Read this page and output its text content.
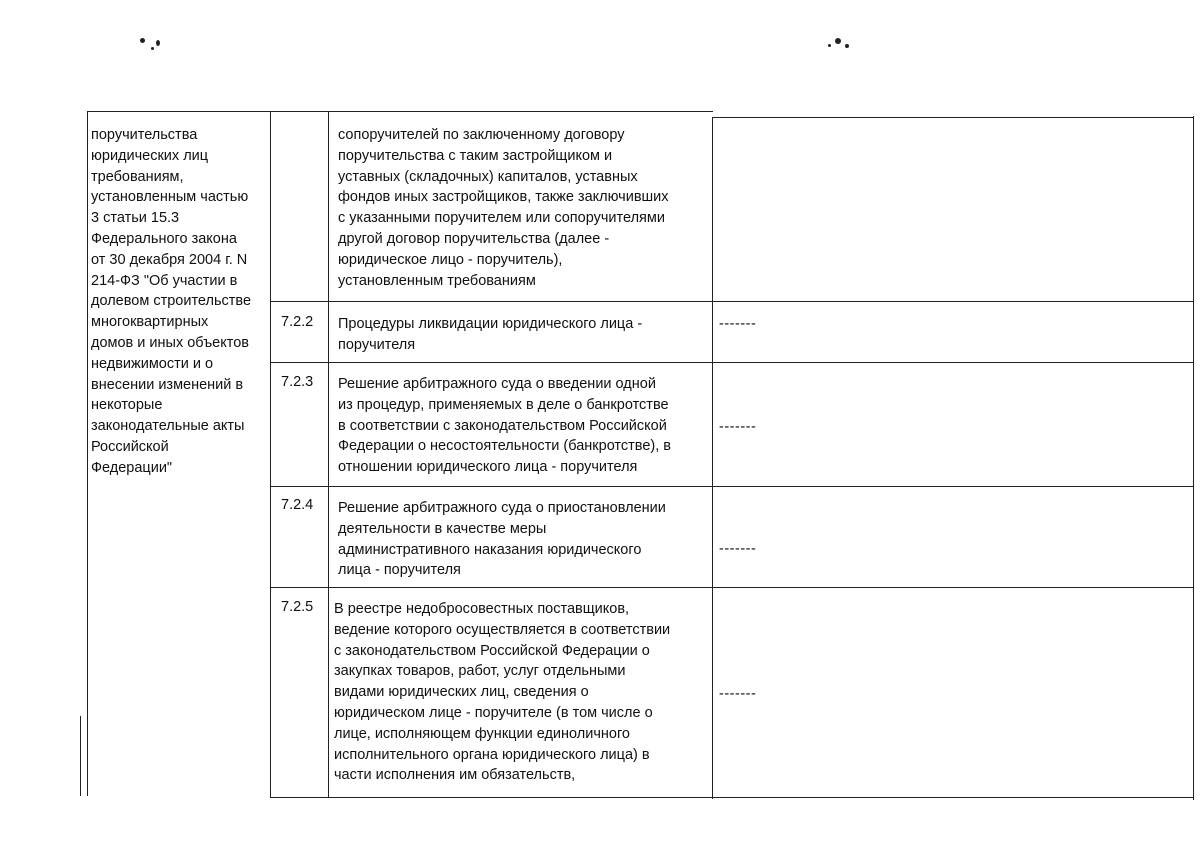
поручительства
юридических лиц
требованиям,
установленным частью
3 статьи 15.3
Федерального закона
от 30 декабря 2004 г. N
214-ФЗ "Об участии в
долевом строительстве
многоквартирных
домов и иных объектов
недвижимости и о
внесении изменений в
некоторые
законодательные акты
Российской
Федерации"
сопоручителей по заключенному договору
поручительства с таким застройщиком и
уставных (складочных) капиталов, уставных
фондов иных застройщиков, также заключивших
с указанными поручителем или сопоручителями
другой договор поручительства (далее -
юридическое лицо - поручитель),
установленным требованиям
7.2.2 Процедуры ликвидации юридического лица -
поручителя
-------
7.2.3 Решение арбитражного суда о введении одной
из процедур, применяемых в деле о банкротстве
в соответствии с законодательством Российской
Федерации о несостоятельности (банкротстве), в
отношении юридического лица - поручителя
-------
7.2.4 Решение арбитражного суда о приостановлении
деятельности в качестве меры
административного наказания юридического
лица - поручителя
-------
7.2.5 В реестре недобросовестных поставщиков,
ведение которого осуществляется в соответствии
с законодательством Российской Федерации о
закупках товаров, работ, услуг отдельными
видами юридических лиц, сведения о
юридическом лице - поручителе (в том числе о
лице, исполняющем функции единоличного
исполнительного органа юридического лица) в
части исполнения им обязательств,
-------
